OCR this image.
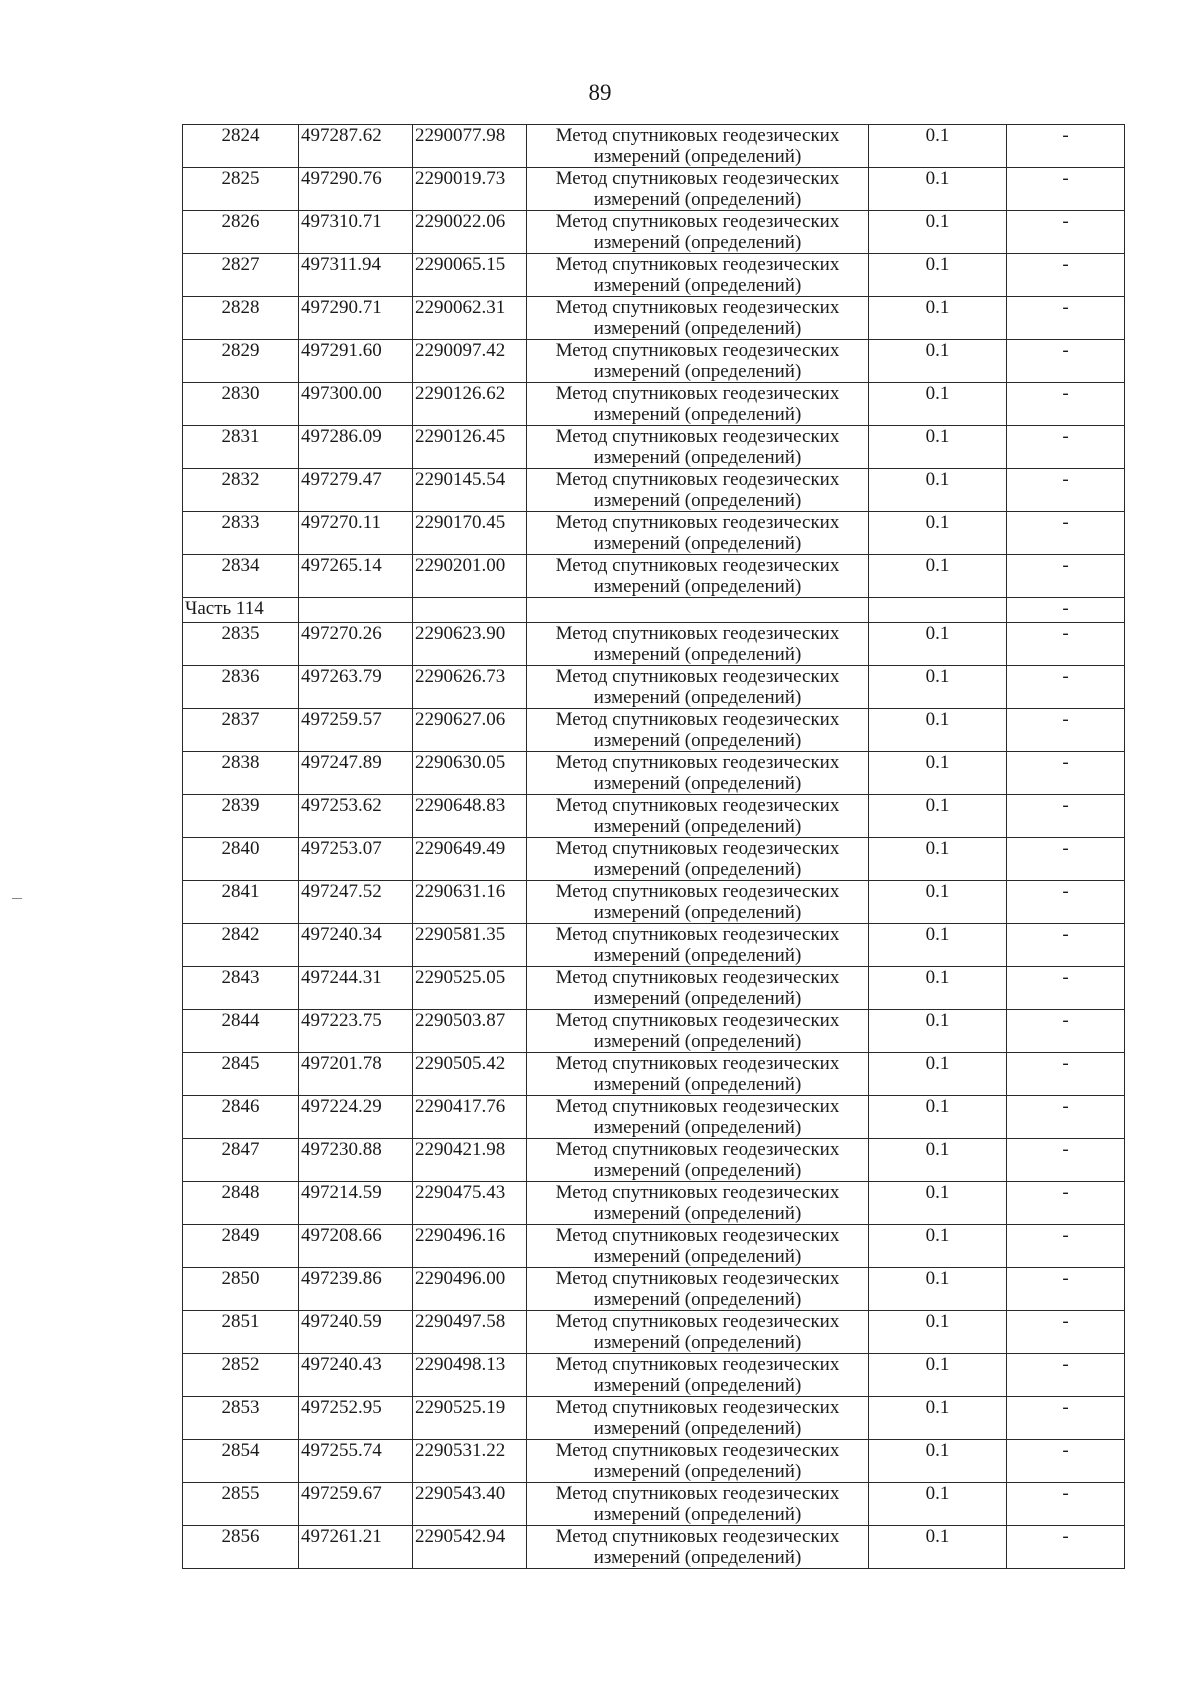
89
2824	497287.62	2290077.98	Метод спутниковых геодезических
измерений (определений)	0.1	-
2825	497290.76	2290019.73	Метод спутниковых геодезических
измерений (определений)	0.1	-
2826	497310.71	2290022.06	Метод спутниковых геодезических
измерений (определений)	0.1	-
2827	497311.94	2290065.15	Метод спутниковых геодезических
измерений (определений)	0.1	-
2828	497290.71	2290062.31	Метод спутниковых геодезических
измерений (определений)	0.1	-
2829	497291.60	2290097.42	Метод спутниковых геодезических
измерений (определений)	0.1	-
2830	497300.00	2290126.62	Метод спутниковых геодезических
измерений (определений)	0.1	-
2831	497286.09	2290126.45	Метод спутниковых геодезических
измерений (определений)	0.1	-
2832	497279.47	2290145.54	Метод спутниковых геодезических
измерений (определений)	0.1	-
2833	497270.11	2290170.45	Метод спутниковых геодезических
измерений (определений)	0.1	-
2834	497265.14	2290201.00	Метод спутниковых геодезических
измерений (определений)	0.1	-
Часть 114					-
2835	497270.26	2290623.90	Метод спутниковых геодезических
измерений (определений)	0.1	-
2836	497263.79	2290626.73	Метод спутниковых геодезических
измерений (определений)	0.1	-
2837	497259.57	2290627.06	Метод спутниковых геодезических
измерений (определений)	0.1	-
2838	497247.89	2290630.05	Метод спутниковых геодезических
измерений (определений)	0.1	-
2839	497253.62	2290648.83	Метод спутниковых геодезических
измерений (определений)	0.1	-
2840	497253.07	2290649.49	Метод спутниковых геодезических
измерений (определений)	0.1	-
2841	497247.52	2290631.16	Метод спутниковых геодезических
измерений (определений)	0.1	-
2842	497240.34	2290581.35	Метод спутниковых геодезических
измерений (определений)	0.1	-
2843	497244.31	2290525.05	Метод спутниковых геодезических
измерений (определений)	0.1	-
2844	497223.75	2290503.87	Метод спутниковых геодезических
измерений (определений)	0.1	-
2845	497201.78	2290505.42	Метод спутниковых геодезических
измерений (определений)	0.1	-
2846	497224.29	2290417.76	Метод спутниковых геодезических
измерений (определений)	0.1	-
2847	497230.88	2290421.98	Метод спутниковых геодезических
измерений (определений)	0.1	-
2848	497214.59	2290475.43	Метод спутниковых геодезических
измерений (определений)	0.1	-
2849	497208.66	2290496.16	Метод спутниковых геодезических
измерений (определений)	0.1	-
2850	497239.86	2290496.00	Метод спутниковых геодезических
измерений (определений)	0.1	-
2851	497240.59	2290497.58	Метод спутниковых геодезических
измерений (определений)	0.1	-
2852	497240.43	2290498.13	Метод спутниковых геодезических
измерений (определений)	0.1	-
2853	497252.95	2290525.19	Метод спутниковых геодезических
измерений (определений)	0.1	-
2854	497255.74	2290531.22	Метод спутниковых геодезических
измерений (определений)	0.1	-
2855	497259.67	2290543.40	Метод спутниковых геодезических
измерений (определений)	0.1	-
2856	497261.21	2290542.94	Метод спутниковых геодезических
измерений (определений)	0.1	-
